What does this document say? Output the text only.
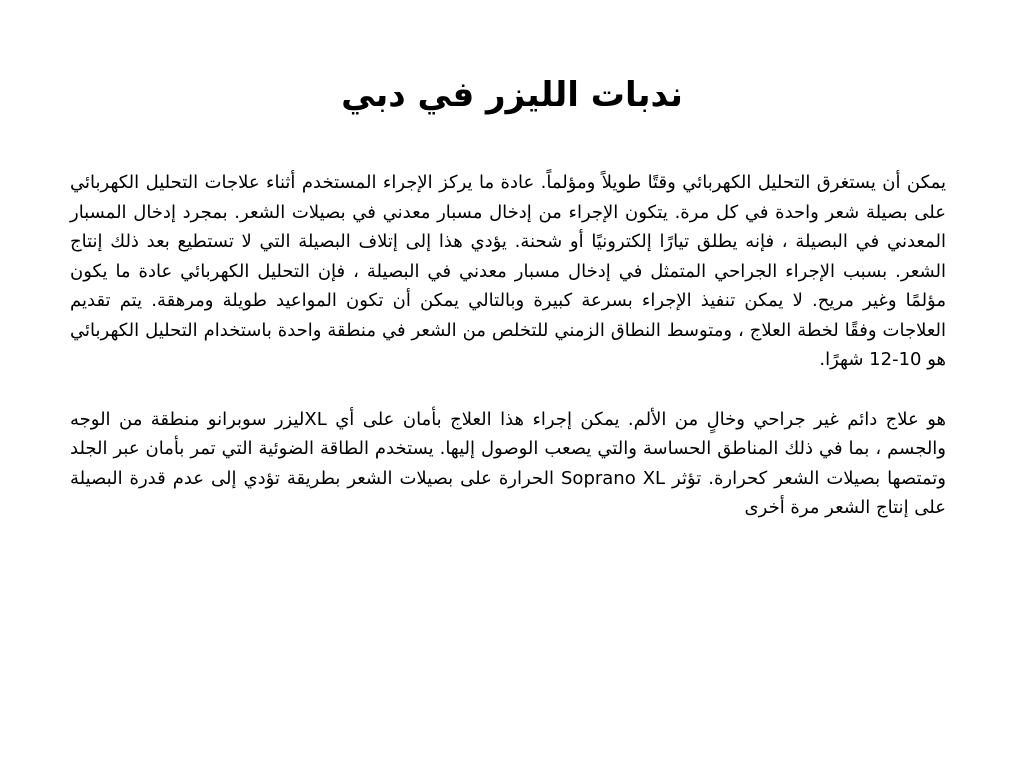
ندبات الليزر في دبي

يمكن أن يستغرق التحليل الكهربائي وقتًا طويلاً ومؤلماً. عادة ما يركز الإجراء المستخدم أثناء علاجات التحليل الكهربائي على بصيلة شعر واحدة في كل مرة. يتكون الإجراء من إدخال مسبار معدني في بصيلات الشعر. بمجرد إدخال المسبار المعدني في البصيلة ، فإنه يطلق تيارًا إلكترونيًا أو شحنة. يؤدي هذا إلى إتلاف البصيلة التي لا تستطيع بعد ذلك إنتاج الشعر. بسبب الإجراء الجراحي المتمثل في إدخال مسبار معدني في البصيلة ، فإن التحليل الكهربائي عادة ما يكون مؤلمًا وغير مريح. لا يمكن تنفيذ الإجراء بسرعة كبيرة وبالتالي يمكن أن تكون المواعيد طويلة ومرهقة. يتم تقديم العلاجات وفقًا لخطة العلاج ، ومتوسط النطاق الزمني للتخلص من الشعر في منطقة واحدة باستخدام التحليل الكهربائي هو 10-12 شهرًا.

هو علاج دائم غير جراحي وخالٍ من الألم. يمكن إجراء هذا العلاج بأمان على أي XLليزر سوبرانو منطقة من الوجه والجسم ، بما في ذلك المناطق الحساسة والتي يصعب الوصول إليها. يستخدم الطاقة الضوئية التي تمر بأمان عبر الجلد وتمتصها بصيلات الشعر كحرارة. تؤثر Soprano XL الحرارة على بصيلات الشعر بطريقة تؤدي إلى عدم قدرة البصيلة على إنتاج الشعر مرة أخرى
